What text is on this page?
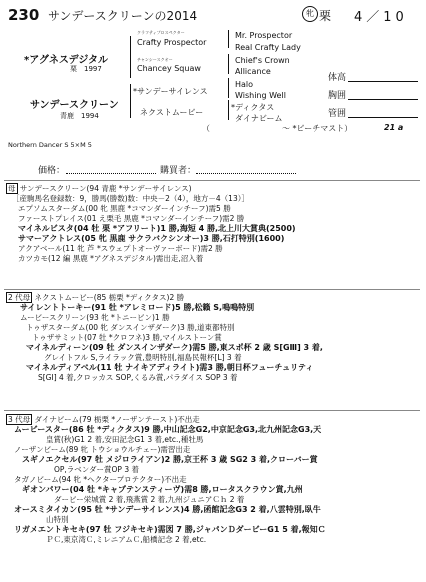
230 サンデースクリーンの2014	牝 栗 4／10
*アグネスデジタル
栗　 1997
サンデースクリーン
青鹿　 1994
クラフティプロスペクター
Crafty Prospector
チャンシースクオー
Chancey Squaw
*サンデーサイレンス
ネクストムービー
Mr. Prospector
Real Crafty Lady
Chief's Crown
Allicance
Halo
Wishing Well
*ディクタス
ダイナビーム
体高
胸囲
管囲
（　　　　　　　　　	～ *ビーチマスト）	21 a
Northern Dancer S 5×M 5
価格：	購買者：
母 サンデースクリーン(94 青鹿 *サンデーサイレンス)
［産駒馬名登録数：9，勝馬(勝数)数：中央－2（4），地方－4（13）］
エプソムスターダム(00 牝 黒鹿 *コマンダーインチーフ)需5 勝
ファーストプレイス(01 え栗毛 黒鹿 *コマンダーインチーフ)需2 勝
マイネルビスタ(04 牡 栗 *アフリート)1 勝,海短 4 勝,北上川大賞典(2500)
サマーアクトレス(05 牝 黒鹿 サクラバクシンオー)3 勝,石打特別(1600)
アクアベール(11 牝 芦 *スウェプトオーヴァーボード)需2 勝
カツカモ(12 編 黒鹿 *アグネスデジタル)需出走,沼入着
2 代母 ネクストムービー(85 栃栗 *ディクタス)2 勝
サイレントトーキー(91 牡 *アレミロード)5 勝,松籟 S,鳴鳴特別
ムービースクリーン(93 牝 *トニービン)1 勝
トゥザスターダム(00 牝 ダンスインザダーク)3 勝,道東都特別
トゥザサミット(07 牡 *クロフネ)3 勝,マイルストーン賞
マイネルディーン(09 牡 ダンスインザダーク)需5 勝,東スポ杯 2 歳 S[GⅢ] 3 着,
グレイトフル S,ライラック賞,豊明特別,福島民報杯[L] 3 着
マイネルディアベル(11 牡 ナイキアディライト)需3 勝,朝日杯フューチュリティ
S[GⅠ] 4 着,クロッカス SOP,くるみ賞,パラダイス SOP 3 着
3 代母 ダイナビーム(79 栃栗 *ノーザンテースト)不出走
ムービースター(86 牡 *ディクタス)9 勝,中山記念G2,中京記念G3,北九州記念G3,天
皇賞(秋)G1 2 着,安田記念G1 3 着,etc.,種牡馬
ノーザンビーム(89 牝 トウショウルチェー)需習出走
スギノエクセル(97 牡 メジロライアン)2 勝,京王杯 3 歳 SG2 3 着,クローバー賞
OP,ラベンダー賞OP 3 着
タガノビーム(94 牝 *ヘクタープロテクター)不出走
ギオンパワー(04 牡 *キャプテンスティーヴ)需8 勝,ロータスクラウン賞,九州
ダービー栄城賞 2 着,飛燕賞 2 着,九州ジュニアＣｈ 2 着
オースミタイカン(95 牡 *サンデーサイレンス)4 勝,函館記念G3 2 着,八雲特別,臥牛
山特別
リガメエントキセキ(97 牡 フジキセキ)需図 7 勝,ジャパンＤダービーG1 5 着,報知Ｃ
ＰＣ,東京湾Ｃ,ミレニアムＣ,船橋記念 2 着,etc.
